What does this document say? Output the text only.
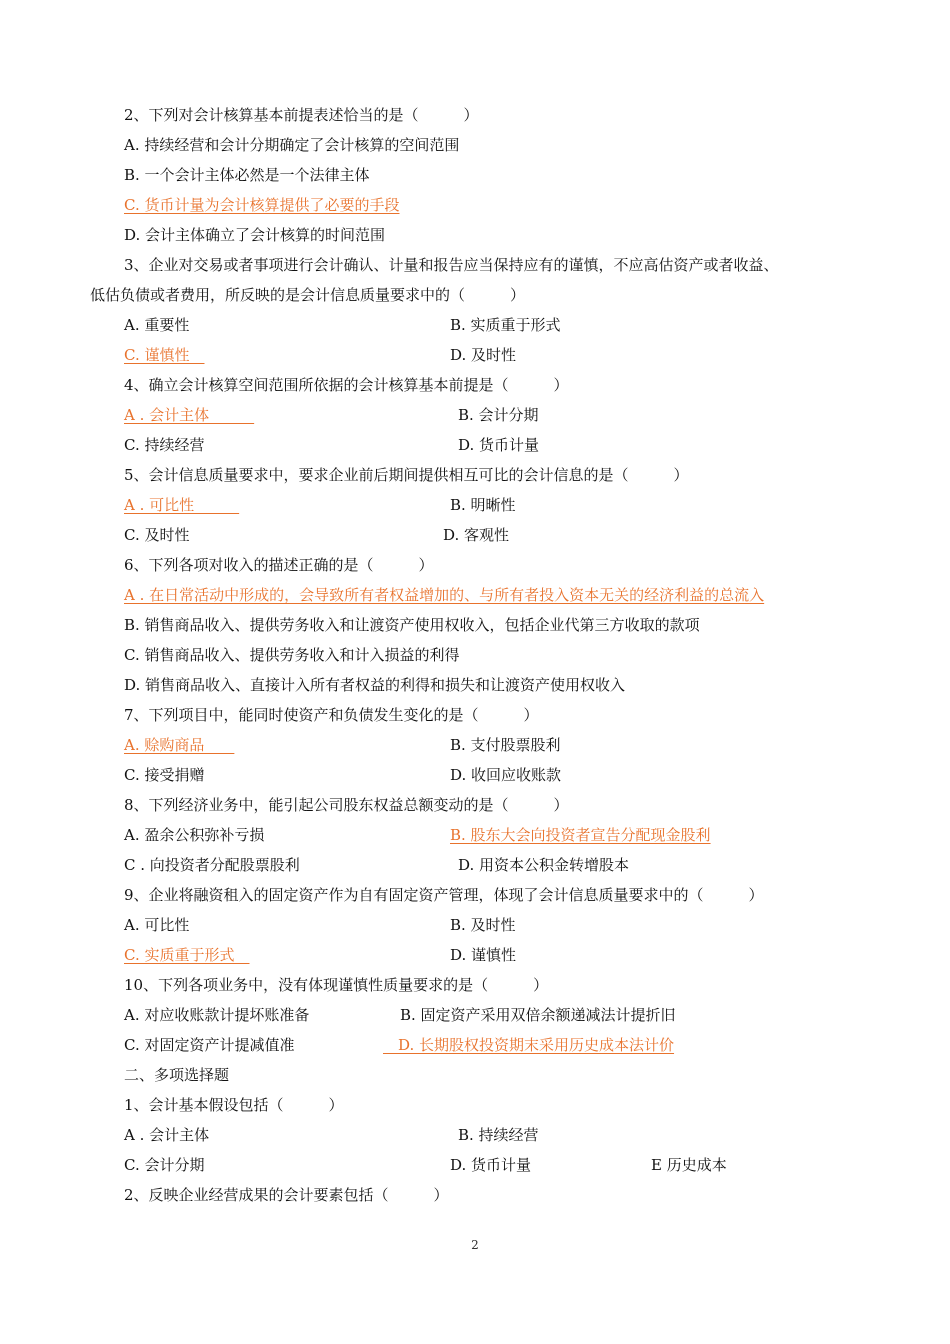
2、下列对会计核算基本前提表述恰当的是（　　　）
A. 持续经营和会计分期确定了会计核算的空间范围
B. 一个会计主体必然是一个法律主体
C. 货币计量为会计核算提供了必要的手段
D. 会计主体确立了会计核算的时间范围
3、企业对交易或者事项进行会计确认、计量和报告应当保持应有的谨慎，不应高估资产或者收益、
低估负债或者费用，所反映的是会计信息质量要求中的（　　　）
A. 重要性	B. 实质重于形式
C. 谨慎性　	D. 及时性
4、确立会计核算空间范围所依据的会计核算基本前提是（　　　）
A . 会计主体　　　	B. 会计分期
C. 持续经营	D. 货币计量
5、会计信息质量要求中，要求企业前后期间提供相互可比的会计信息的是（　　　）
A . 可比性　　　	B. 明晰性
C. 及时性	D. 客观性
6、下列各项对收入的描述正确的是（　　　）
A . 在日常活动中形成的，会导致所有者权益增加的、与所有者投入资本无关的经济利益的总流入
B. 销售商品收入、提供劳务收入和让渡资产使用权收入，包括企业代第三方收取的款项
C. 销售商品收入、提供劳务收入和计入损益的利得
D. 销售商品收入、直接计入所有者权益的利得和损失和让渡资产使用权收入
7、下列项目中，能同时使资产和负债发生变化的是（　　　）
A. 赊购商品　　	B. 支付股票股利
C. 接受捐赠	D. 收回应收账款
8、下列经济业务中，能引起公司股东权益总额变动的是（　　　）
A. 盈余公积弥补亏损	B. 股东大会向投资者宣告分配现金股利
C . 向投资者分配股票股利	D. 用资本公积金转增股本
9、企业将融资租入的固定资产作为自有固定资产管理，体现了会计信息质量要求中的（　　　）
A. 可比性	B. 及时性
C. 实质重于形式　	D. 谨慎性
10、下列各项业务中，没有体现谨慎性质量要求的是（　　　）
A. 对应收账款计提坏账准备	B. 固定资产采用双倍余额递减法计提折旧
C. 对固定资产计提减值准	　D. 长期股权投资期末采用历史成本法计价
二、多项选择题
1、会计基本假设包括（　　　）
A . 会计主体	B. 持续经营
C. 会计分期	D. 货币计量	E 历史成本
2、反映企业经营成果的会计要素包括（　　　）
2
